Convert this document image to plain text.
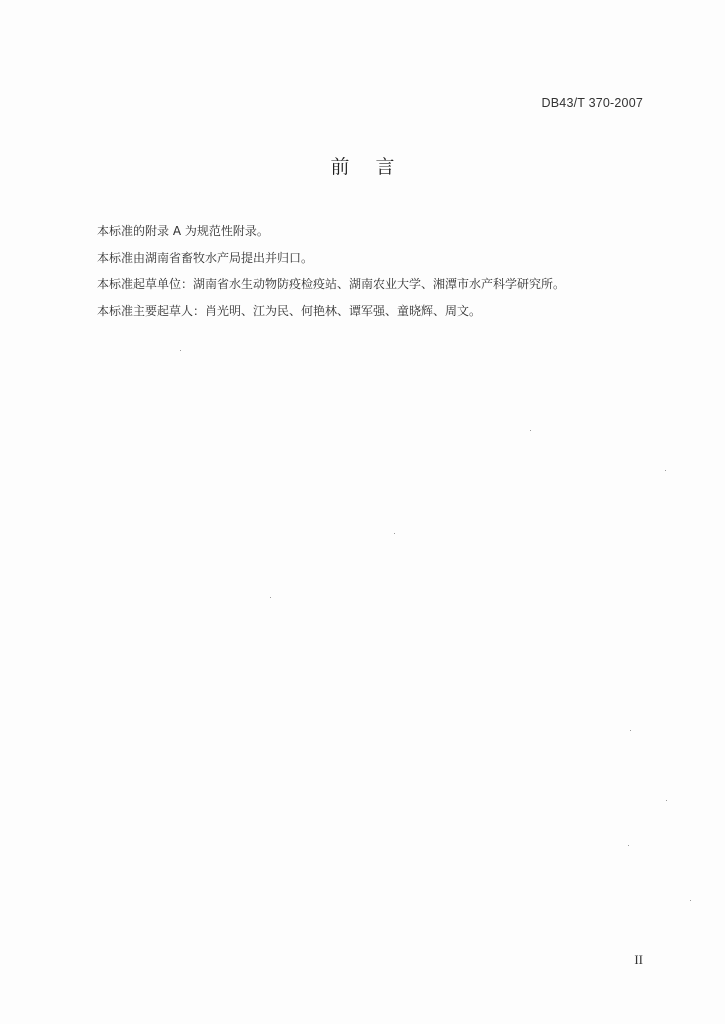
DB43/T 370-2007
前言
本标准的附录 A 为规范性附录。
本标准由湖南省畜牧水产局提出并归口。
本标准起草单位：湖南省水生动物防疫检疫站、湖南农业大学、湘潭市水产科学研究所。
本标准主要起草人：肖光明、江为民、何艳林、谭军强、童晓辉、周文。
II
